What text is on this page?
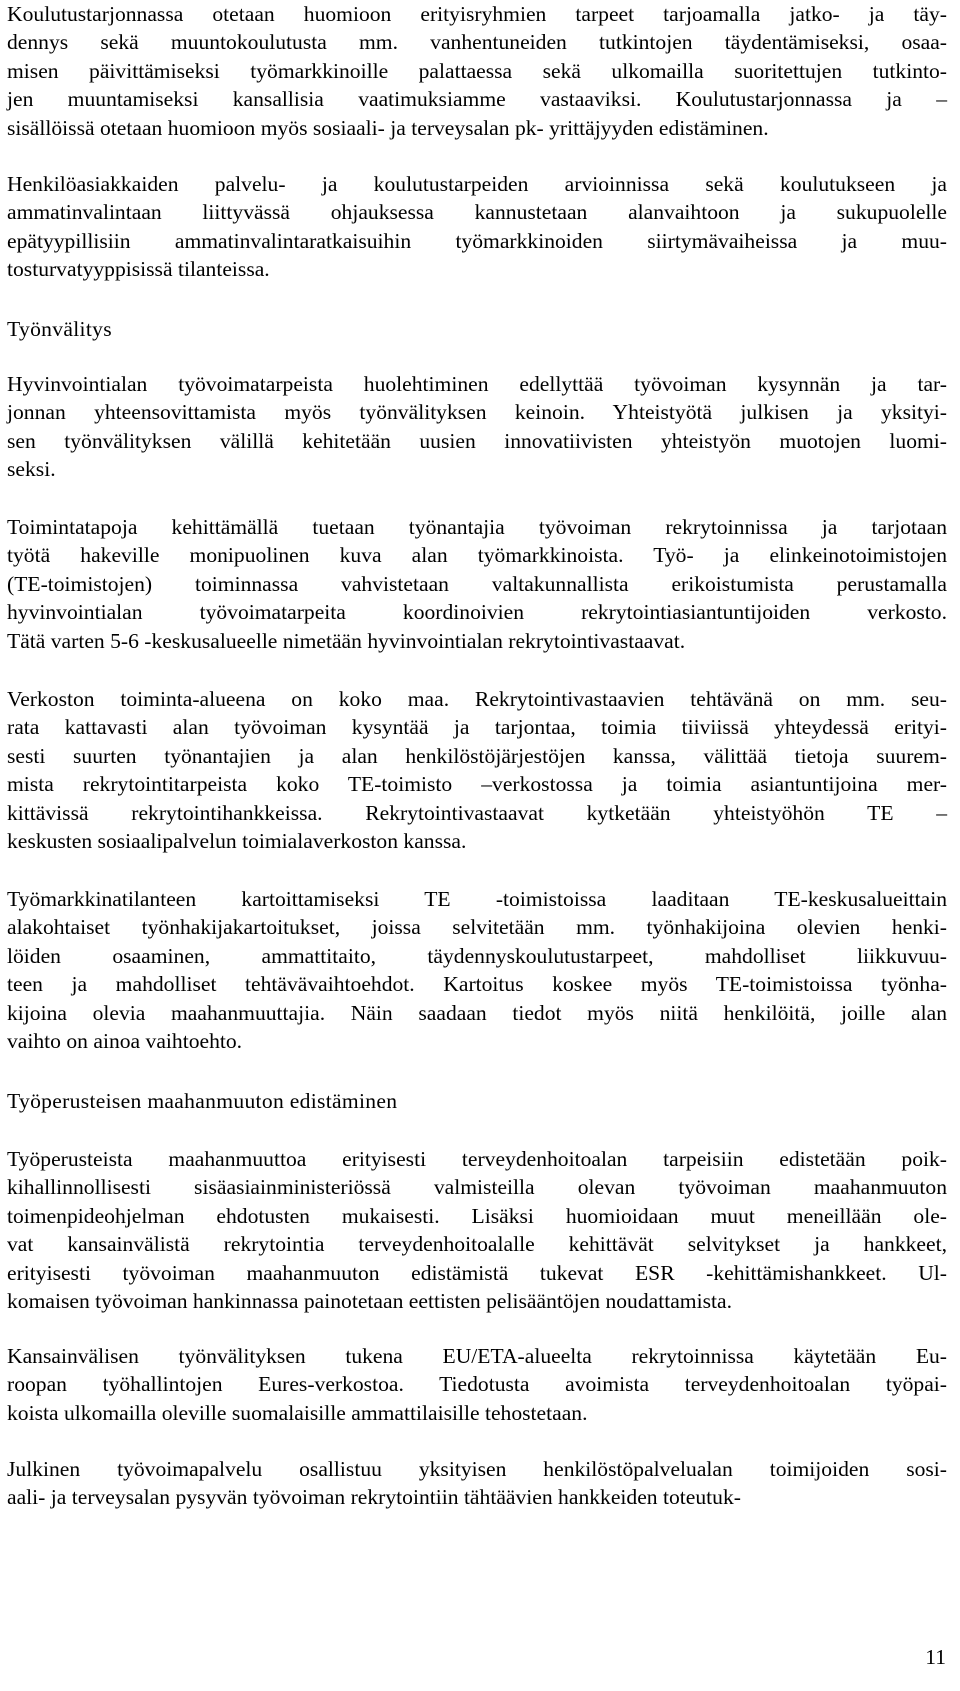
Koulutustarjonnassa otetaan huomioon erityisryhmien tarpeet tarjoamalla jatko- ja täy-
dennys sekä muuntokoulutusta mm. vanhentuneiden tutkintojen täydentämiseksi, osaa-
misen päivittämiseksi työmarkkinoille palattaessa sekä ulkomailla suoritettujen tutkinto-
jen muuntamiseksi kansallisia vaatimuksiamme vastaaviksi. Koulutustarjonnassa ja –
sisällöissä otetaan huomioon myös sosiaali- ja terveysalan pk- yrittäjyyden edistäminen.
Henkilöasiakkaiden palvelu- ja koulutustarpeiden arvioinnissa sekä koulutukseen ja
ammatinvalintaan liittyvässä ohjauksessa kannustetaan alanvaihtoon ja sukupuolelle
epätyypillisiin ammatinvalintaratkaisuihin työmarkkinoiden siirtymävaiheissa ja muu-
tosturvatyyppisissä tilanteissa.
Työnvälitys
Hyvinvointialan työvoimatarpeista huolehtiminen edellyttää työvoiman kysynnän ja tar-
jonnan yhteensovittamista myös työnvälityksen keinoin. Yhteistyötä julkisen ja yksityi-
sen työnvälityksen välillä kehitetään uusien innovatiivisten yhteistyön muotojen luomi-
seksi.
Toimintatapoja kehittämällä tuetaan työnantajia työvoiman rekrytoinnissa ja tarjotaan
työtä hakeville monipuolinen kuva alan työmarkkinoista. Työ- ja elinkeinotoimistojen
(TE-toimistojen) toiminnassa vahvistetaan valtakunnallista erikoistumista perustamalla
hyvinvointialan työvoimatarpeita koordinoivien rekrytointiasiantuntijoiden verkosto.
Tätä varten 5-6 -keskusalueelle nimetään hyvinvointialan rekrytointivastaavat.
Verkoston toiminta-alueena on koko maa. Rekrytointivastaavien tehtävänä on mm. seu-
rata kattavasti alan työvoiman kysyntää ja tarjontaa, toimia tiiviissä yhteydessä erityi-
sesti suurten työnantajien ja alan henkilöstöjärjestöjen kanssa, välittää tietoja suurem-
mista rekrytointitarpeista koko TE-toimisto –verkostossa ja toimia asiantuntijoina mer-
kittävissä rekrytointihankkeissa. Rekrytointivastaavat kytketään yhteistyöhön TE –
keskusten sosiaalipalvelun toimialaverkoston kanssa.
Työmarkkinatilanteen kartoittamiseksi TE -toimistoissa laaditaan TE-keskusalueittain
alakohtaiset työnhakijakartoitukset, joissa selvitetään mm. työnhakijoina olevien henki-
löiden osaaminen, ammattitaito, täydennyskoulutustarpeet, mahdolliset liikkuvuu-
teen ja mahdolliset tehtävävaihtoehdot. Kartoitus koskee myös TE-toimistoissa työnha-
kijoina olevia maahanmuuttajia. Näin saadaan tiedot myös niitä henkilöitä, joille alan
vaihto on ainoa vaihtoehto.
Työperusteisen maahanmuuton edistäminen
Työperusteista maahanmuuttoa erityisesti terveydenhoitoalan tarpeisiin edistetään poik-
kihallinnollisesti sisäasiainministeriössä valmisteilla olevan työvoiman maahanmuuton
toimenpideohjelman ehdotusten mukaisesti. Lisäksi huomioidaan muut meneillään ole-
vat kansainvälistä rekrytointia terveydenhoitoalalle kehittävät selvitykset ja hankkeet,
erityisesti työvoiman maahanmuuton edistämistä tukevat ESR -kehittämishankkeet. Ul-
komaisen työvoiman hankinnassa painotetaan eettisten pelisääntöjen noudattamista.
Kansainvälisen työnvälityksen tukena EU/ETA-alueelta rekrytoinnissa käytetään Eu-
roopan työhallintojen Eures-verkostoa. Tiedotusta avoimista terveydenhoitoalan työpai-
koista ulkomailla oleville suomalaisille ammattilaisille tehostetaan.
Julkinen työvoimapalvelu osallistuu yksityisen henkilöstöpalvelualan toimijoiden sosi-
aali- ja terveysalan pysyvän työvoiman rekrytointiin tähtäävien hankkeiden toteutuk-
11
